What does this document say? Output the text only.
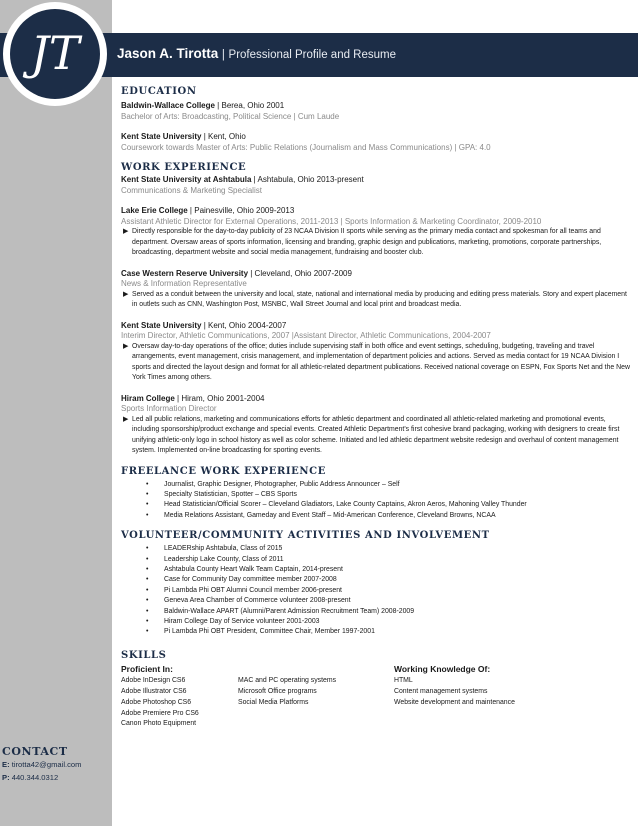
JT	Jason A. Tirotta | Professional Profile and Resume
EDUCATION
Baldwin-Wallace College | Berea, Ohio 2001
Bachelor of Arts: Broadcasting, Political Science | Cum Laude
Kent State University | Kent, Ohio
Coursework towards Master of Arts: Public Relations (Journalism and Mass Communications) | GPA: 4.0
WORK EXPERIENCE
Kent State University at Ashtabula | Ashtabula, Ohio 2013-present
Communications & Marketing Specialist
Lake Erie College | Painesville, Ohio 2009-2013
Assistant Athletic Director for External Operations, 2011-2013 | Sports Information & Marketing Coordinator, 2009-2010
▶ Directly responsible for the day-to-day publicity of 23 NCAA Division II sports while serving as the primary media contact and spokesman for all teams and department. Oversaw areas of sports information, licensing and branding, graphic design and publications, marketing, promotions, corporate partnerships, broadcasting, department website and social media management, fundraising and booster club.
Case Western Reserve University | Cleveland, Ohio 2007-2009
News & Information Representative
▶ Served as a conduit between the university and local, state, national and international media by producing and editing press materials. Story and expert placement in outlets such as CNN, Washington Post, MSNBC, Wall Street Journal and local print and broadcast media.
Kent State University | Kent, Ohio 2004-2007
Interim Director, Athletic Communications, 2007 |Assistant Director, Athletic Communications, 2004-2007
▶ Oversaw day-to-day operations of the office; duties include supervising staff in both office and event settings, scheduling, budgeting, traveling and travel arrangements, event management, crisis management, and implementation of department policies and actions. Served as media contact for 19 NCAA Division I sports and directed the layout design and format for all athletic-related department publications. Received national coverage on ESPN, Fox Sports Net and the New York Times among others.
Hiram College | Hiram, Ohio 2001-2004
Sports Information Director
▶ Led all public relations, marketing and communications efforts for athletic department and coordinated all athletic-related marketing and promotional events, including sponsorship/product exchange and special events. Created Athletic Department's first cohesive brand packaging, working with designers to create first unifying athletic-only logo in school history as well as color scheme. Initiated and led athletic department website redesign and overhaul of content management system. Implemented on-line broadcasting for sporting events.
FREELANCE WORK EXPERIENCE
• Journalist, Graphic Designer, Photographer, Public Address Announcer – Self
• Specialty Statistician, Spotter – CBS Sports
• Head Statistician/Official Scorer – Cleveland Gladiators, Lake County Captains, Akron Aeros, Mahoning Valley Thunder
• Media Relations Assistant, Gameday and Event Staff – Mid-American Conference, Cleveland Browns, NCAA
VOLUNTEER/COMMUNITY ACTIVITIES AND INVOLVEMENT
• LEADERship Ashtabula, Class of 2015
• Leadership Lake County, Class of 2011
• Ashtabula County Heart Walk Team Captain, 2014-present
• Case for Community Day committee member 2007-2008
• Pi Lambda Phi OBT Alumni Council member 2006-present
• Geneva Area Chamber of Commerce volunteer 2008-present
• Baldwin-Wallace APART (Alumni/Parent Admission Recruitment Team) 2008-2009
• Hiram College Day of Service volunteer 2001-2003
• Pi Lambda Phi OBT President, Committee Chair, Member 1997-2001
SKILLS
Proficient In:	Working Knowledge Of:
Adobe InDesign CS6
Adobe Illustrator CS6
Adobe Photoshop CS6
Adobe Premiere Pro CS6
Canon Photo Equipment
MAC and PC operating systems
Microsoft Office programs
Social Media Platforms
HTML
Content management systems
Website development and maintenance
CONTACT
E: tirotta42@gmail.com
P: 440.344.0312
